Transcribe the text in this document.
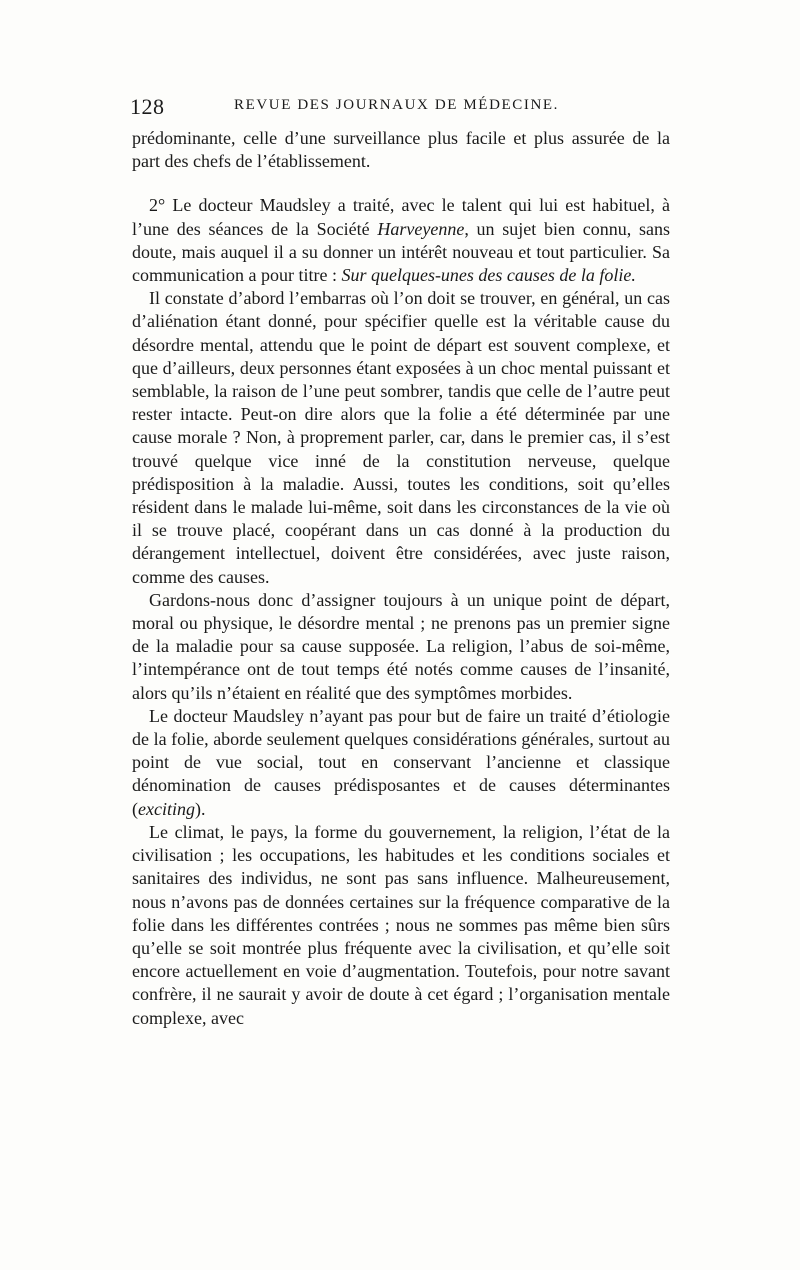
128	REVUE DES JOURNAUX DE MÉDECINE.

prédominante, celle d’une surveillance plus facile et plus assurée de la part des chefs de l’établissement.

2° Le docteur Maudsley a traité, avec le talent qui lui est habituel, à l’une des séances de la Société Harveyenne, un sujet bien connu, sans doute, mais auquel il a su donner un intérêt nouveau et tout particulier. Sa communication a pour titre : Sur quelques-unes des causes de la folie.

Il constate d’abord l’embarras où l’on doit se trouver, en général, un cas d’aliénation étant donné, pour spécifier quelle est la véritable cause du désordre mental, attendu que le point de départ est souvent complexe, et que d’ailleurs, deux personnes étant exposées à un choc mental puissant et semblable, la raison de l’une peut sombrer, tandis que celle de l’autre peut rester intacte. Peut-on dire alors que la folie a été déterminée par une cause morale ? Non, à proprement parler, car, dans le premier cas, il s’est trouvé quelque vice inné de la constitution nerveuse, quelque prédisposition à la maladie. Aussi, toutes les conditions, soit qu’elles résident dans le malade lui-même, soit dans les circonstances de la vie où il se trouve placé, coopérant dans un cas donné à la production du dérangement intellectuel, doivent être considérées, avec juste raison, comme des causes.

Gardons-nous donc d’assigner toujours à un unique point de départ, moral ou physique, le désordre mental ; ne prenons pas un premier signe de la maladie pour sa cause supposée. La religion, l’abus de soi-même, l’intempérance ont de tout temps été notés comme causes de l’insanité, alors qu’ils n’étaient en réalité que des symptômes morbides.

Le docteur Maudsley n’ayant pas pour but de faire un traité d’étiologie de la folie, aborde seulement quelques considérations générales, surtout au point de vue social, tout en conservant l’ancienne et classique dénomination de causes prédisposantes et de causes déterminantes (exciting).

Le climat, le pays, la forme du gouvernement, la religion, l’état de la civilisation ; les occupations, les habitudes et les conditions sociales et sanitaires des individus, ne sont pas sans influence. Malheureusement, nous n’avons pas de données certaines sur la fréquence comparative de la folie dans les différentes contrées ; nous ne sommes pas même bien sûrs qu’elle se soit montrée plus fréquente avec la civilisation, et qu’elle soit encore actuellement en voie d’augmentation. Toutefois, pour notre savant confrère, il ne saurait y avoir de doute à cet égard ; l’organisation mentale complexe, avec
